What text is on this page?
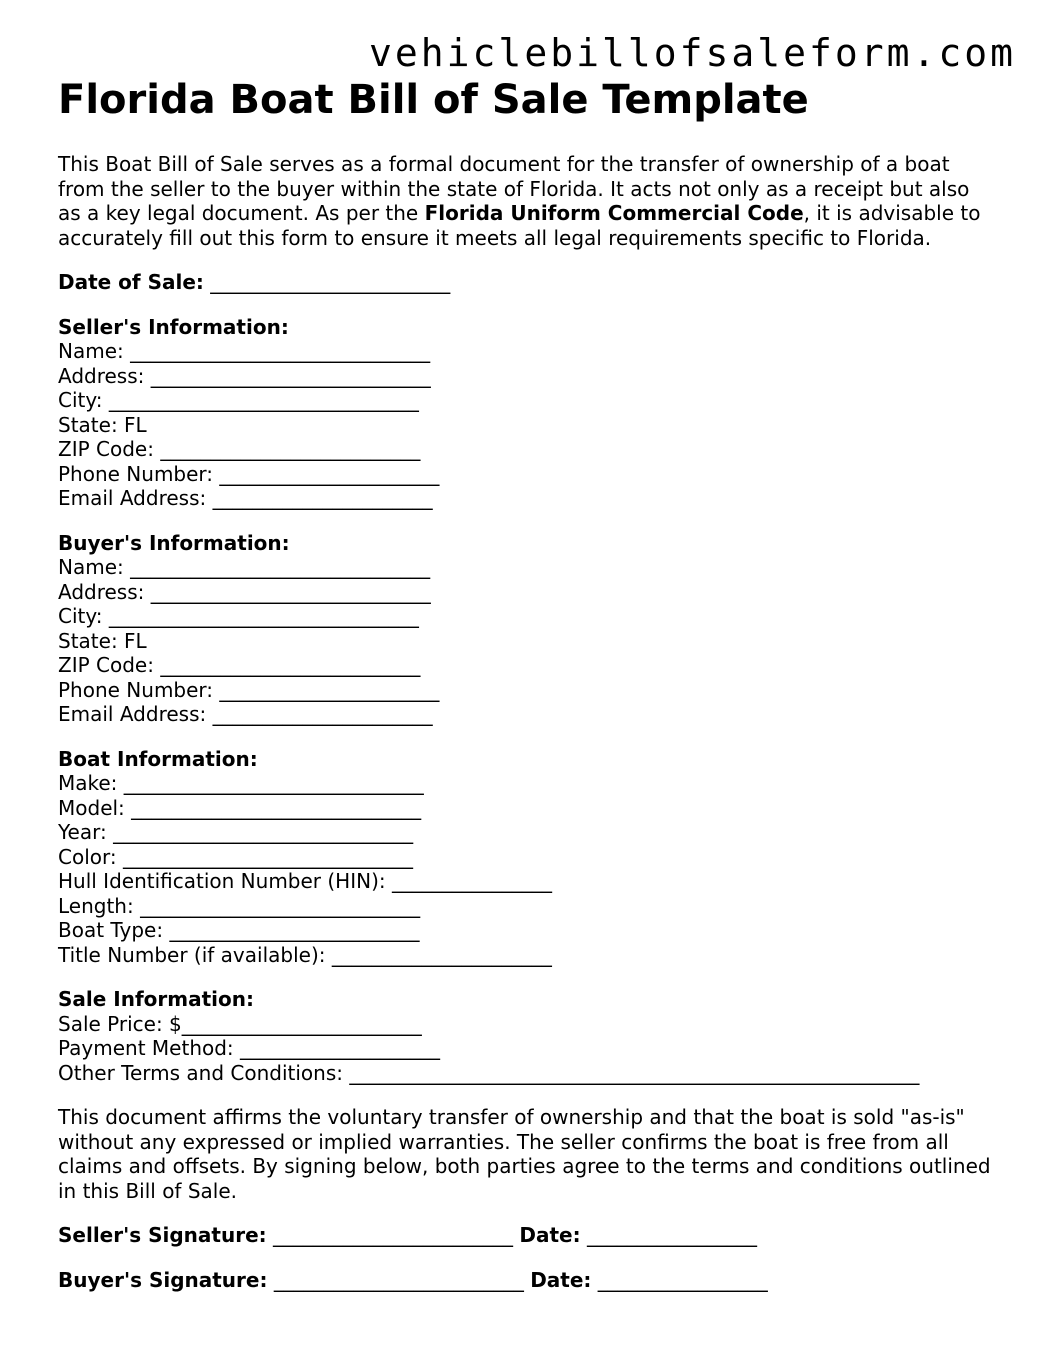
vehiclebillofsaleform.com
Florida Boat Bill of Sale Template

This Boat Bill of Sale serves as a formal document for the transfer of ownership of a boat from the seller to the buyer within the state of Florida. It acts not only as a receipt but also as a key legal document. As per the Florida Uniform Commercial Code, it is advisable to accurately fill out this form to ensure it meets all legal requirements specific to Florida.

Date of Sale: ________________________
Seller's Information:
Name: ______________________________
Address: ____________________________
City: _______________________________
State: FL
ZIP Code: __________________________
Phone Number: ______________________
Email Address: ______________________
Buyer's Information:
Name: ______________________________
Address: ____________________________
City: _______________________________
State: FL
ZIP Code: __________________________
Phone Number: ______________________
Email Address: ______________________
Boat Information:
Make: ______________________________
Model: _____________________________
Year: ______________________________
Color: _____________________________
Hull Identification Number (HIN): ________________
Length: ____________________________
Boat Type: _________________________
Title Number (if available): ______________________
Sale Information:
Sale Price: $________________________
Payment Method: ____________________
Other Terms and Conditions: _________________________________________________________

This document affirms the voluntary transfer of ownership and that the boat is sold "as-is" without any expressed or implied warranties. The seller confirms the boat is free from all claims and offsets. By signing below, both parties agree to the terms and conditions outlined in this Bill of Sale.

Seller's Signature: ________________________ Date: _________________
Buyer's Signature: _________________________ Date: _________________
